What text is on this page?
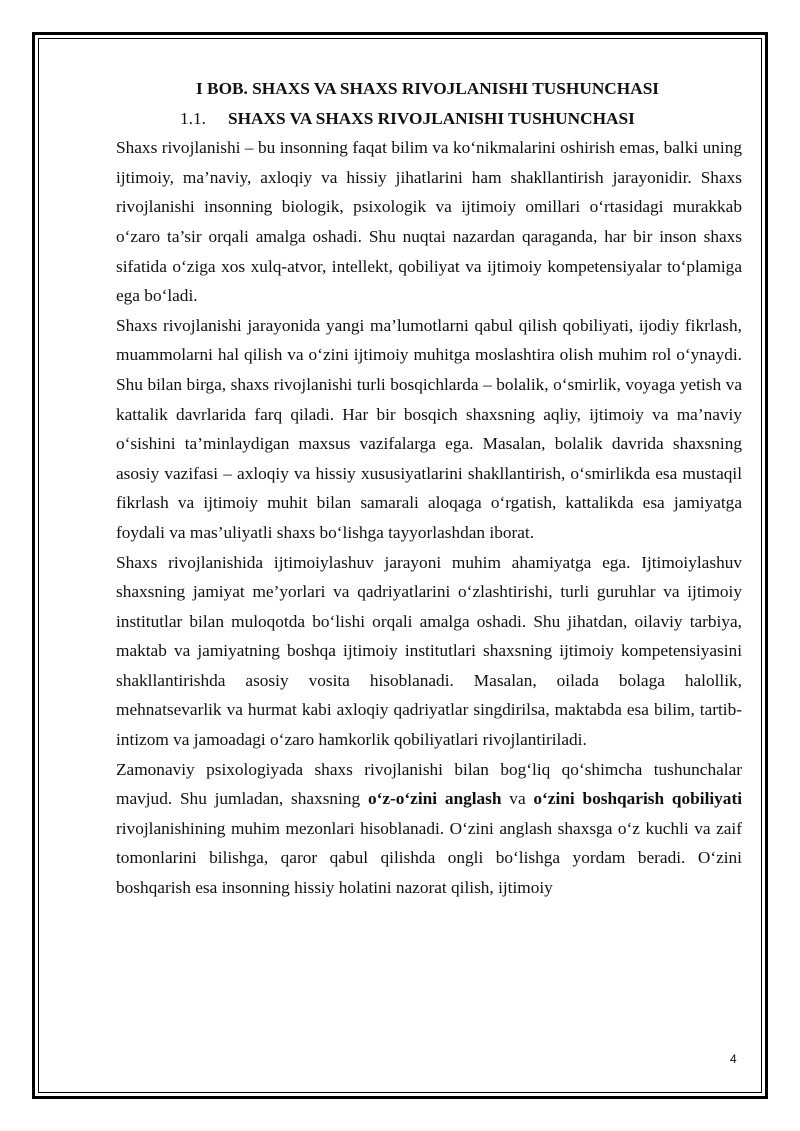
I BOB. SHAXS VA SHAXS RIVOJLANISHI TUSHUNCHASI
1.1. SHAXS VA SHAXS RIVOJLANISHI TUSHUNCHASI

Shaxs rivojlanishi – bu insonning faqat bilim va ko‘nikmalarini oshirish emas, balki uning ijtimoiy, ma’naviy, axloqiy va hissiy jihatlarini ham shakllantirish jarayonidir. Shaxs rivojlanishi insonning biologik, psixologik va ijtimoiy omillari o‘rtasidagi murakkab o‘zaro ta’sir orqali amalga oshadi. Shu nuqtai nazardan qaraganda, har bir inson shaxs sifatida o‘ziga xos xulq-atvor, intellekt, qobiliyat va ijtimoiy kompetensiyalar to‘plamiga ega bo‘ladi.

Shaxs rivojlanishi jarayonida yangi ma’lumotlarni qabul qilish qobiliyati, ijodiy fikrlash, muammolarni hal qilish va o‘zini ijtimoiy muhitga moslashtira olish muhim rol o‘ynaydi. Shu bilan birga, shaxs rivojlanishi turli bosqichlarda – bolalik, o‘smirlik, voyaga yetish va kattalik davrlarida farq qiladi. Har bir bosqich shaxsning aqliy, ijtimoiy va ma’naviy o‘sishini ta’minlaydigan maxsus vazifalarga ega. Masalan, bolalik davrida shaxsning asosiy vazifasi – axloqiy va hissiy xususiyatlarini shakllantirish, o‘smirlikda esa mustaqil fikrlash va ijtimoiy muhit bilan samarali aloqaga o‘rgatish, kattalikda esa jamiyatga foydali va mas’uliyatli shaxs bo‘lishga tayyorlashdan iborat.

Shaxs rivojlanishida ijtimoiylashuv jarayoni muhim ahamiyatga ega. Ijtimoiylashuv shaxsning jamiyat me’yorlari va qadriyatlarini o‘zlashtirishi, turli guruhlar va ijtimoiy institutlar bilan muloqotda bo‘lishi orqali amalga oshadi. Shu jihatdan, oilaviy tarbiya, maktab va jamiyatning boshqa ijtimoiy institutlari shaxsning ijtimoiy kompetensiyasini shakllantirishda asosiy vosita hisoblanadi. Masalan, oilada bolaga halollik, mehnatsevarlik va hurmat kabi axloqiy qadriyatlar singdirilsa, maktabda esa bilim, tartib-intizom va jamoadagi o‘zaro hamkorlik qobiliyatlari rivojlantiriladi.

Zamonaviy psixologiyada shaxs rivojlanishi bilan bog‘liq qo‘shimcha tushunchalar mavjud. Shu jumladan, shaxsning o‘z-o‘zini anglash va o‘zini boshqarish qobiliyati rivojlanishining muhim mezonlari hisoblanadi. O‘zini anglash shaxsga o‘z kuchli va zaif tomonlarini bilishga, qaror qabul qilishda ongli bo‘lishga yordam beradi. O‘zini boshqarish esa insonning hissiy holatini nazorat qilish, ijtimoiy

4
